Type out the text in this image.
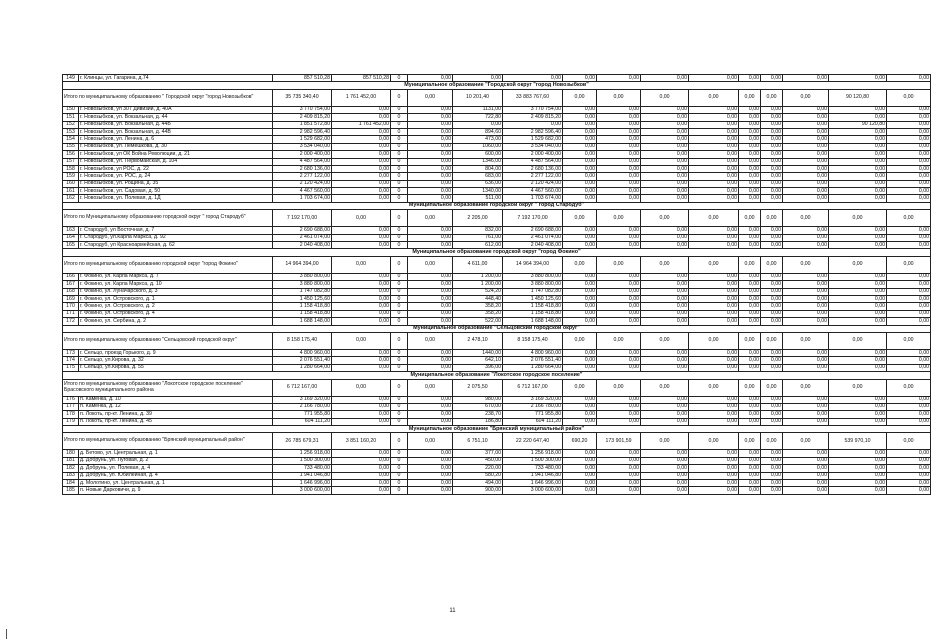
149	г. Клинцы, ул. Гагарина, д.74	857 510,28	857 510,28	0	0,00	0,00	0,00	0,00	0,00	0,00	0,00	0,00	0,00	0,00	0,00	0,00
Муниципальное образование "Городской округ "город Новозыбков"																
Итого по муниципальному образованию " Городской округ "город Новозыбков"		35 735 340,40	1 761 452,00	0	0,00	10 201,40	33 883 767,60	0,00	0,00	0,00	0,00	0,00	0,00	0,00	90 120,80	0,00
150	г. Новозыбков, ул 307 Дивизии, д. 40А	3 770 754,00	0,00	0	0,00	1131,00	3 770 754,00	0,00	0,00	0,00	0,00	0,00	0,00	0,00	0,00	0,00
151	г. Новозыбков, ул. Вокзальная, д. 44	2 409 815,20	0,00	0	0,00	722,80	2 409 815,20	0,00	0,00	0,00	0,00	0,00	0,00	0,00	0,00	0,00
152	г. Новозыбков, ул. Вокзальная, д. 44Б	1 851 572,80	1 761 452,00	0	0,00	0,00	0,00	0,00	0,00	0,00	0,00	0,00	0,00	0,00	90 120,80	0,00
153	г. Новозыбков, ул. Вокзальная, д. 44В	2 982 596,40	0,00	0	0,00	894,60	2 982 596,40	0,00	0,00	0,00	0,00	0,00	0,00	0,00	0,00	0,00
154	г. Новозыбков, ул. Ленина, д. 6	1 529 682,00	0,00	0	0,00	473,00	1 529 682,00	0,00	0,00	0,00	0,00	0,00	0,00	0,00	0,00	0,00
155	г. Новозыбков, ул. Лемешкова, д. 30	3 534 040,00	0,00	0	0,00	1060,00	3 534 040,00	0,00	0,00	0,00	0,00	0,00	0,00	0,00	0,00	0,00
156	г. Новозыбков, ул ОК Война Революции, д. 21	2 000 400,00	0,00	0	0,00	600,00	2 000 400,00	0,00	0,00	0,00	0,00	0,00	0,00	0,00	0,00	0,00
157	г. Новозыбков, ул. Первомайская, д. 104	4 487 564,00	0,00	0	0,00	1346,00	4 487 564,00	0,00	0,00	0,00	0,00	0,00	0,00	0,00	0,00	0,00
158	г. Новозыбков, ул РОС, д. 22	2 680 136,00	0,00	0	0,00	804,00	2 680 136,00	0,00	0,00	0,00	0,00	0,00	0,00	0,00	0,00	0,00
159	г. Новозыбков, ул. РОС, д. 24	2 277 122,00	0,00	0	0,00	683,00	2 277 122,00	0,00	0,00	0,00	0,00	0,00	0,00	0,00	0,00	0,00
160	г. Новозыбков, ул. Рощина, д. 35	2 120 424,00	0,00	0	0,00	636,00	2 120 424,00	0,00	0,00	0,00	0,00	0,00	0,00	0,00	0,00	0,00
161	г. Новозыбков, ул. Садовая, д. 50	4 467 560,00	0,00	0	0,00	1340,00	4 467 560,00	0,00	0,00	0,00	0,00	0,00	0,00	0,00	0,00	0,00
162	г. Новозыбков, ул. Полевая, д. 1Д	1 703 674,00	0,00	0	0,00	511,00	1 703 674,00	0,00	0,00	0,00	0,00	0,00	0,00	0,00	0,00	0,00
Муниципальное образование городской округ " город Стародуб"																
Итого по Муниципальному образованию городской округ " город Стародуб"		7 192 170,00	0,00	0	0,00	2 205,00	7 192 170,00	0,00	0,00	0,00	0,00	0,00	0,00	0,00	0,00	0,00
163	г. Стародуб, ул Восточная, д. 7	2 690 688,00	0,00	0	0,00	832,00	2 690 688,00	0,00	0,00	0,00	0,00	0,00	0,00	0,00	0,00	0,00
164	г. Стародуб, ул.Карла Маркса, д. 92	2 461 074,00	0,00	0	0,00	761,00	2 461 074,00	0,00	0,00	0,00	0,00	0,00	0,00	0,00	0,00	0,00
165	г. Стародуб, ул Красноармейская, д. 62	2 040 408,00	0,00	0	0,00	612,00	2 040 408,00	0,00	0,00	0,00	0,00	0,00	0,00	0,00	0,00	0,00
Муниципальное образование городской округ "город Фокино"																
Итого по муниципальному образованию городской округ "город Фокино"		14 964 394,00	0,00	0	0,00	4 611,00	14 964 394,00	0,00	0,00	0,00	0,00	0,00	0,00	0,00	0,00	0,00
166	г. Фокино, ул. Карла Маркса, д. 7	3 880 800,00	0,00	0	0,00	1 200,00	3 880 800,00	0,00	0,00	0,00	0,00	0,00	0,00	0,00	0,00	0,00
167	г. Фокино, ул. Карла Маркса, д. 10	3 880 800,00	0,00	0	0,00	1 200,00	3 880 800,00	0,00	0,00	0,00	0,00	0,00	0,00	0,00	0,00	0,00
168	г. Фокино, ул. Луначарского, д. 3	1 747 082,80	0,00	0	0,00	524,20	1 747 082,80	0,00	0,00	0,00	0,00	0,00	0,00	0,00	0,00	0,00
169	г. Фокино, ул. Островского, д. 1	1 450 125,60	0,00	0	0,00	448,40	1 450 125,60	0,00	0,00	0,00	0,00	0,00	0,00	0,00	0,00	0,00
170	г. Фокино, ул. Островского, д. 2	1 158 418,80	0,00	0	0,00	358,20	1 158 418,80	0,00	0,00	0,00	0,00	0,00	0,00	0,00	0,00	0,00
171	г. Фокино, ул. Островского, д. 4	1 158 418,80	0,00	0	0,00	358,20	1 158 418,80	0,00	0,00	0,00	0,00	0,00	0,00	0,00	0,00	0,00
172	г. Фокино, ул. Сербина, д. 2	1 688 148,00	0,00	0	0,00	522,00	1 688 148,00	0,00	0,00	0,00	0,00	0,00	0,00	0,00	0,00	0,00
Муниципальное образование "Сельцовский городской округ"																
Итого по муниципальному образованию "Сельцовский городской округ"		8 158 175,40	0,00	0	0,00	2 478,10	8 158 175,40	0,00	0,00	0,00	0,00	0,00	0,00	0,00	0,00	0,00
173	г. Сельцо, проезд Горького, д. 9	4 800 960,00	0,00	0	0,00	1440,00	4 800 960,00	0,00	0,00	0,00	0,00	0,00	0,00	0,00	0,00	0,00
174	г. Сельцо, ул.Кирова, д. 32	2 076 551,40	0,00	0	0,00	642,10	2 076 551,40	0,00	0,00	0,00	0,00	0,00	0,00	0,00	0,00	0,00
175	г. Сельцо, ул.Кирова, д. 55	1 280 664,00	0,00	0	0,00	396,00	1 280 664,00	0,00	0,00	0,00	0,00	0,00	0,00	0,00	0,00	0,00
Муниципальное образование "Локотское городское поселение"																
Итого по муниципальному образованию "Локотское городское поселение" Брасовского муниципального района		6 712 167,00	0,00	0	0,00	2 075,50	6 712 167,00	0,00	0,00	0,00	0,00	0,00	0,00	0,00	0,00	0,00
176	п. Каменка, д. 10	3 169 320,00	0,00	0	0,00	980,00	3 169 320,00	0,00	0,00	0,00	0,00	0,00	0,00	0,00	0,00	0,00
177	п. Каменка, д. 12	2 166 780,00	0,00	0	0,00	670,00	2 166 780,00	0,00	0,00	0,00	0,00	0,00	0,00	0,00	0,00	0,00
178	п. Локоть, пр-кт. Ленина, д. 39	771 955,80	0,00	0	0,00	238,70	771 955,80	0,00	0,00	0,00	0,00	0,00	0,00	0,00	0,00	0,00
179	п. Локоть, пр-кт. Ленина, д. 45	604 111,20	0,00	0	0,00	186,80	604 111,20	0,00	0,00	0,00	0,00	0,00	0,00	0,00	0,00	0,00
Муниципальное образование "Брянский муниципальный район"																
Итого по муниципальному образованию "Брянский муниципальный район"		26 785 679,31	3 851 160,20	0	0,00	6 751,10	22 220 647,40	690,20	173 901,59	0,00	0,00	0,00	0,00	0,00	539 970,10	0,00
180	д. Бетово, ул. Центральная, д. 1	1 256 918,00	0,00	0	0,00	377,00	1 256 918,00	0,00	0,00	0,00	0,00	0,00	0,00	0,00	0,00	0,00
181	д. Добрунь, ул. Луговая, д. 2	1 500 300,00	0,00	0	0,00	450,00	1 500 300,00	0,00	0,00	0,00	0,00	0,00	0,00	0,00	0,00	0,00
182	д. Добрунь, ул. Полевая, д. 4	733 480,00	0,00	0	0,00	220,00	733 480,00	0,00	0,00	0,00	0,00	0,00	0,00	0,00	0,00	0,00
183	д. Добрунь, ул. Юбилейная, д. 4	1 941 046,80	0,00	0	0,00	580,20	1 941 046,80	0,00	0,00	0,00	0,00	0,00	0,00	0,00	0,00	0,00
184	д. Молотино, ул. Центральная, д. 1	1 646 996,00	0,00	0	0,00	494,00	1 646 996,00	0,00	0,00	0,00	0,00	0,00	0,00	0,00	0,00	0,00
185	п. Новые Дарковичи, д. 9	3 000 600,00	0,00	0	0,00	900,00	3 000 600,00	0,00	0,00	0,00	0,00	0,00	0,00	0,00	0,00	0,00
11
